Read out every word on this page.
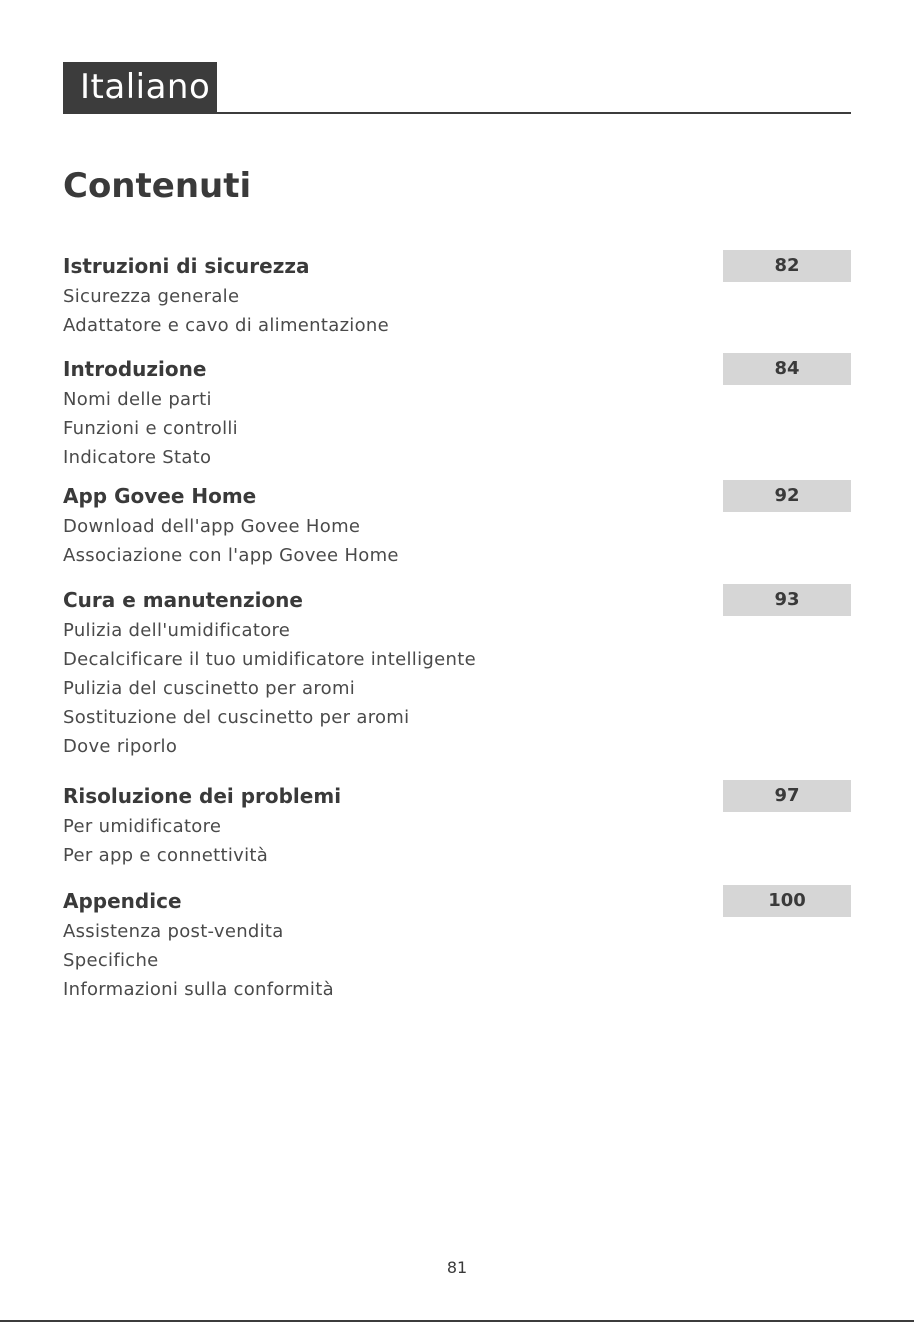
Italiano
Contenuti
Istruzioni di sicurezza	82
Sicurezza generale
Adattatore e cavo di alimentazione
Introduzione	84
Nomi delle parti
Funzioni e controlli
Indicatore Stato
App Govee Home	92
Download dell'app Govee Home
Associazione con l'app Govee Home
Cura e manutenzione	93
Pulizia dell'umidificatore
Decalcificare il tuo umidificatore intelligente
Pulizia del cuscinetto per aromi
Sostituzione del cuscinetto per aromi
Dove riporlo
Risoluzione dei problemi	97
Per umidificatore
Per app e connettività
Appendice	100
Assistenza post-vendita
Specifiche
Informazioni sulla conformità
81
